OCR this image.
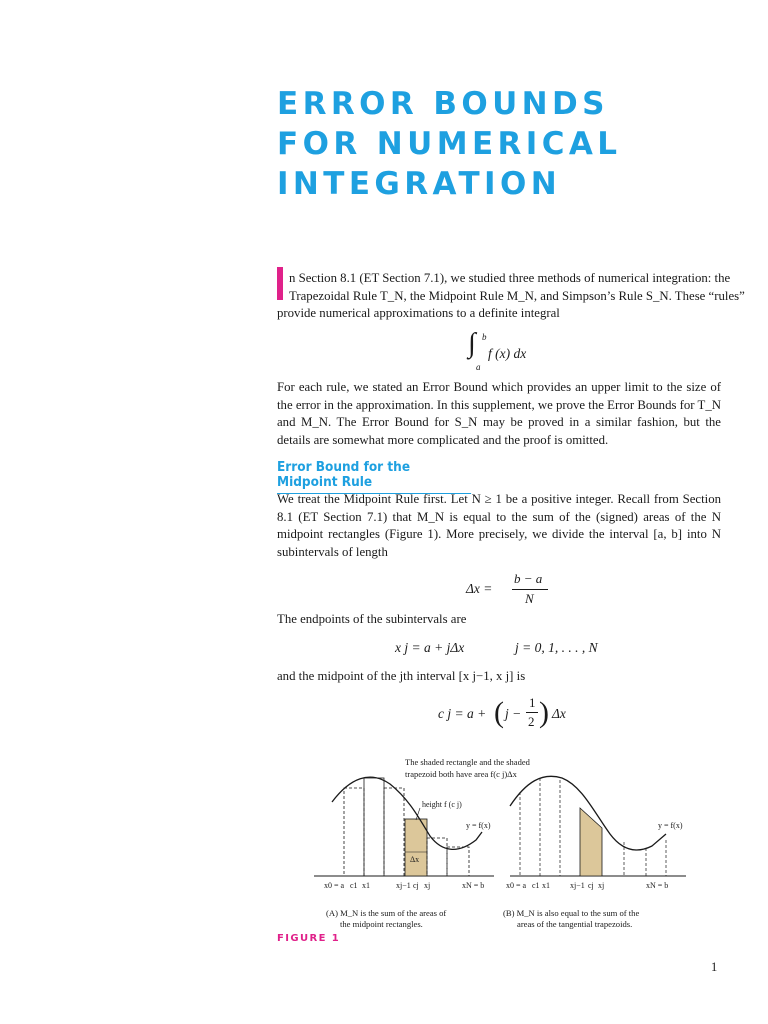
ERROR BOUNDS
FOR NUMERICAL
INTEGRATION
n Section 8.1 (ET Section 7.1), we studied three methods of numerical integration: the
Trapezoidal Rule T_N, the Midpoint Rule M_N, and Simpson’s Rule S_N. These “rules”
provide numerical approximations to a definite integral
∫ b
a
f (x) dx
For each rule, we stated an Error Bound which provides an upper limit to the size of the error in the approximation. In this supplement, we prove the Error Bounds for T_N and M_N. The Error Bound for S_N may be proved in a similar fashion, but the details are somewhat more complicated and the proof is omitted.
Error Bound for the Midpoint Rule
We treat the Midpoint Rule first. Let N ≥ 1 be a positive integer. Recall from Section 8.1 (ET Section 7.1) that M_N is equal to the sum of the (signed) areas of the N midpoint rectangles (Figure 1). More precisely, we divide the interval [a, b] into N subintervals of length
Δx =
b − a
N
The endpoints of the subintervals are
x j = a + jΔx	j = 0, 1, . . . , N
and the midpoint of the jth interval [x j−1, x j] is
c j = a + ( j −
1
2 ) Δx
The shaded rectangle and the shaded
trapezoid both have area f(c j)Δx
height f (c j)
Δx
y = f(x)
x0 = a c1 x1	xj−1 cj xj	xN = b
y = f(x)
x0 = a c1 x1	xj−1 cj xj	xN = b
(A) M_N is the sum of the areas of
the midpoint rectangles.
(B) M_N is also equal to the sum of the
areas of the tangential trapezoids.
FIGURE 1
1
